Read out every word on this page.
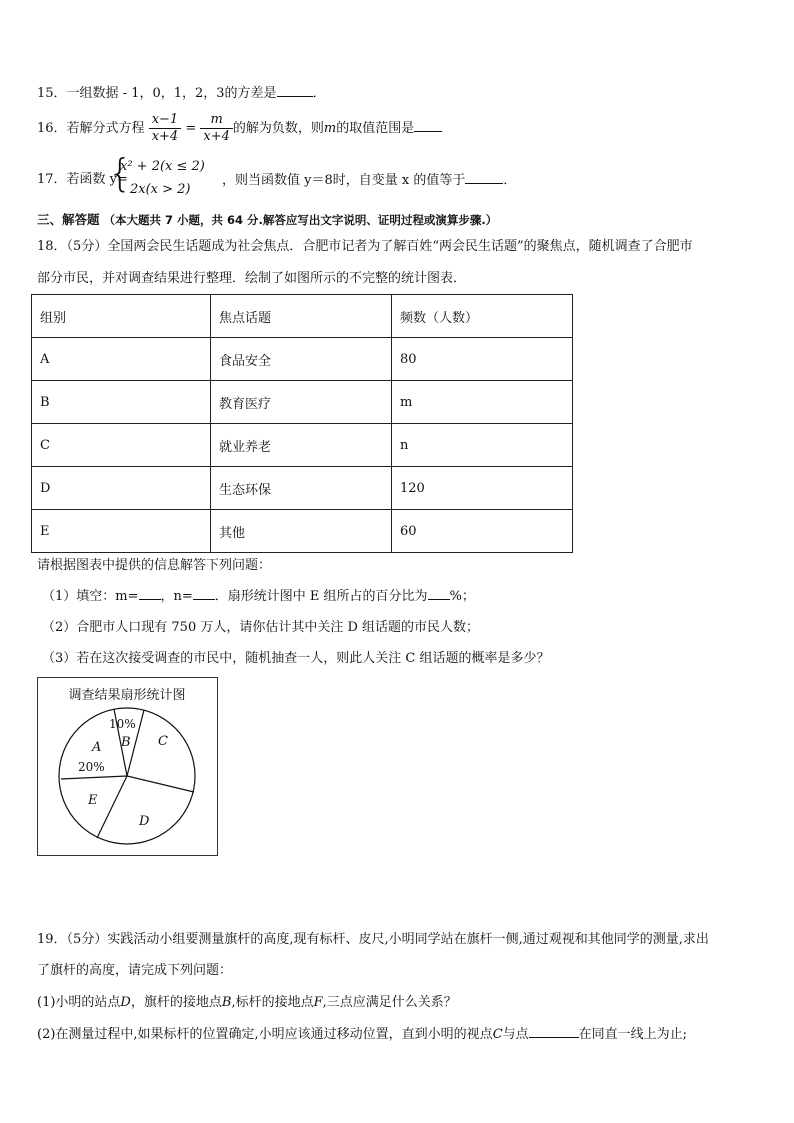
15．一组数据 - 1，0，1，2，3的方差是	．
16．若解分式方程 $\frac{x-1}{x+4} = \frac{m}{x+4}$ 的解为负数，则m的取值范围是
17．若函数 y=
{
x² + 2(x ≤ 2)
2x(x > 2)
，则当函数值 y＝8时，自变量 x 的值等于	．
三、解答题 （本大题共 7 小题，共 64 分.解答应写出文字说明、证明过程或演算步骤.）
18．（5分）全国两会民生话题成为社会焦点．合肥市记者为了解百姓“两会民生话题”的聚焦点，随机调查了合肥市
部分市民，并对调查结果进行整理．绘制了如图所示的不完整的统计图表．
组别	焦点话题	频数（人数）
A	食品安全	80
B	教育医疗	m
C	就业养老	n
D	生态环保	120
E	其他	60
请根据图表中提供的信息解答下列问题：
（1）填空：m= ，n= ．扇形统计图中 E 组所占的百分比为 %；
（2）合肥市人口现有 750 万人，请你估计其中关注 D 组话题的市民人数；
（3）若在这次接受调查的市民中，随机抽查一人，则此人关注 C 组话题的概率是多少？
调查结果扇形统计图
10%
A B C
20%
E
D
19．（5分）实践活动小组要测量旗杆的高度,现有标杆、皮尺,小明同学站在旗杆一侧,通过观视和其他同学的测量,求出
了旗杆的高度，请完成下列问题：
(1)小明的站点D，旗杆的接地点B,标杆的接地点F,三点应满足什么关系？
(2)在测量过程中,如果标杆的位置确定,小明应该通过移动位置，直到小明的视点C与点	在同直一线上为止;
